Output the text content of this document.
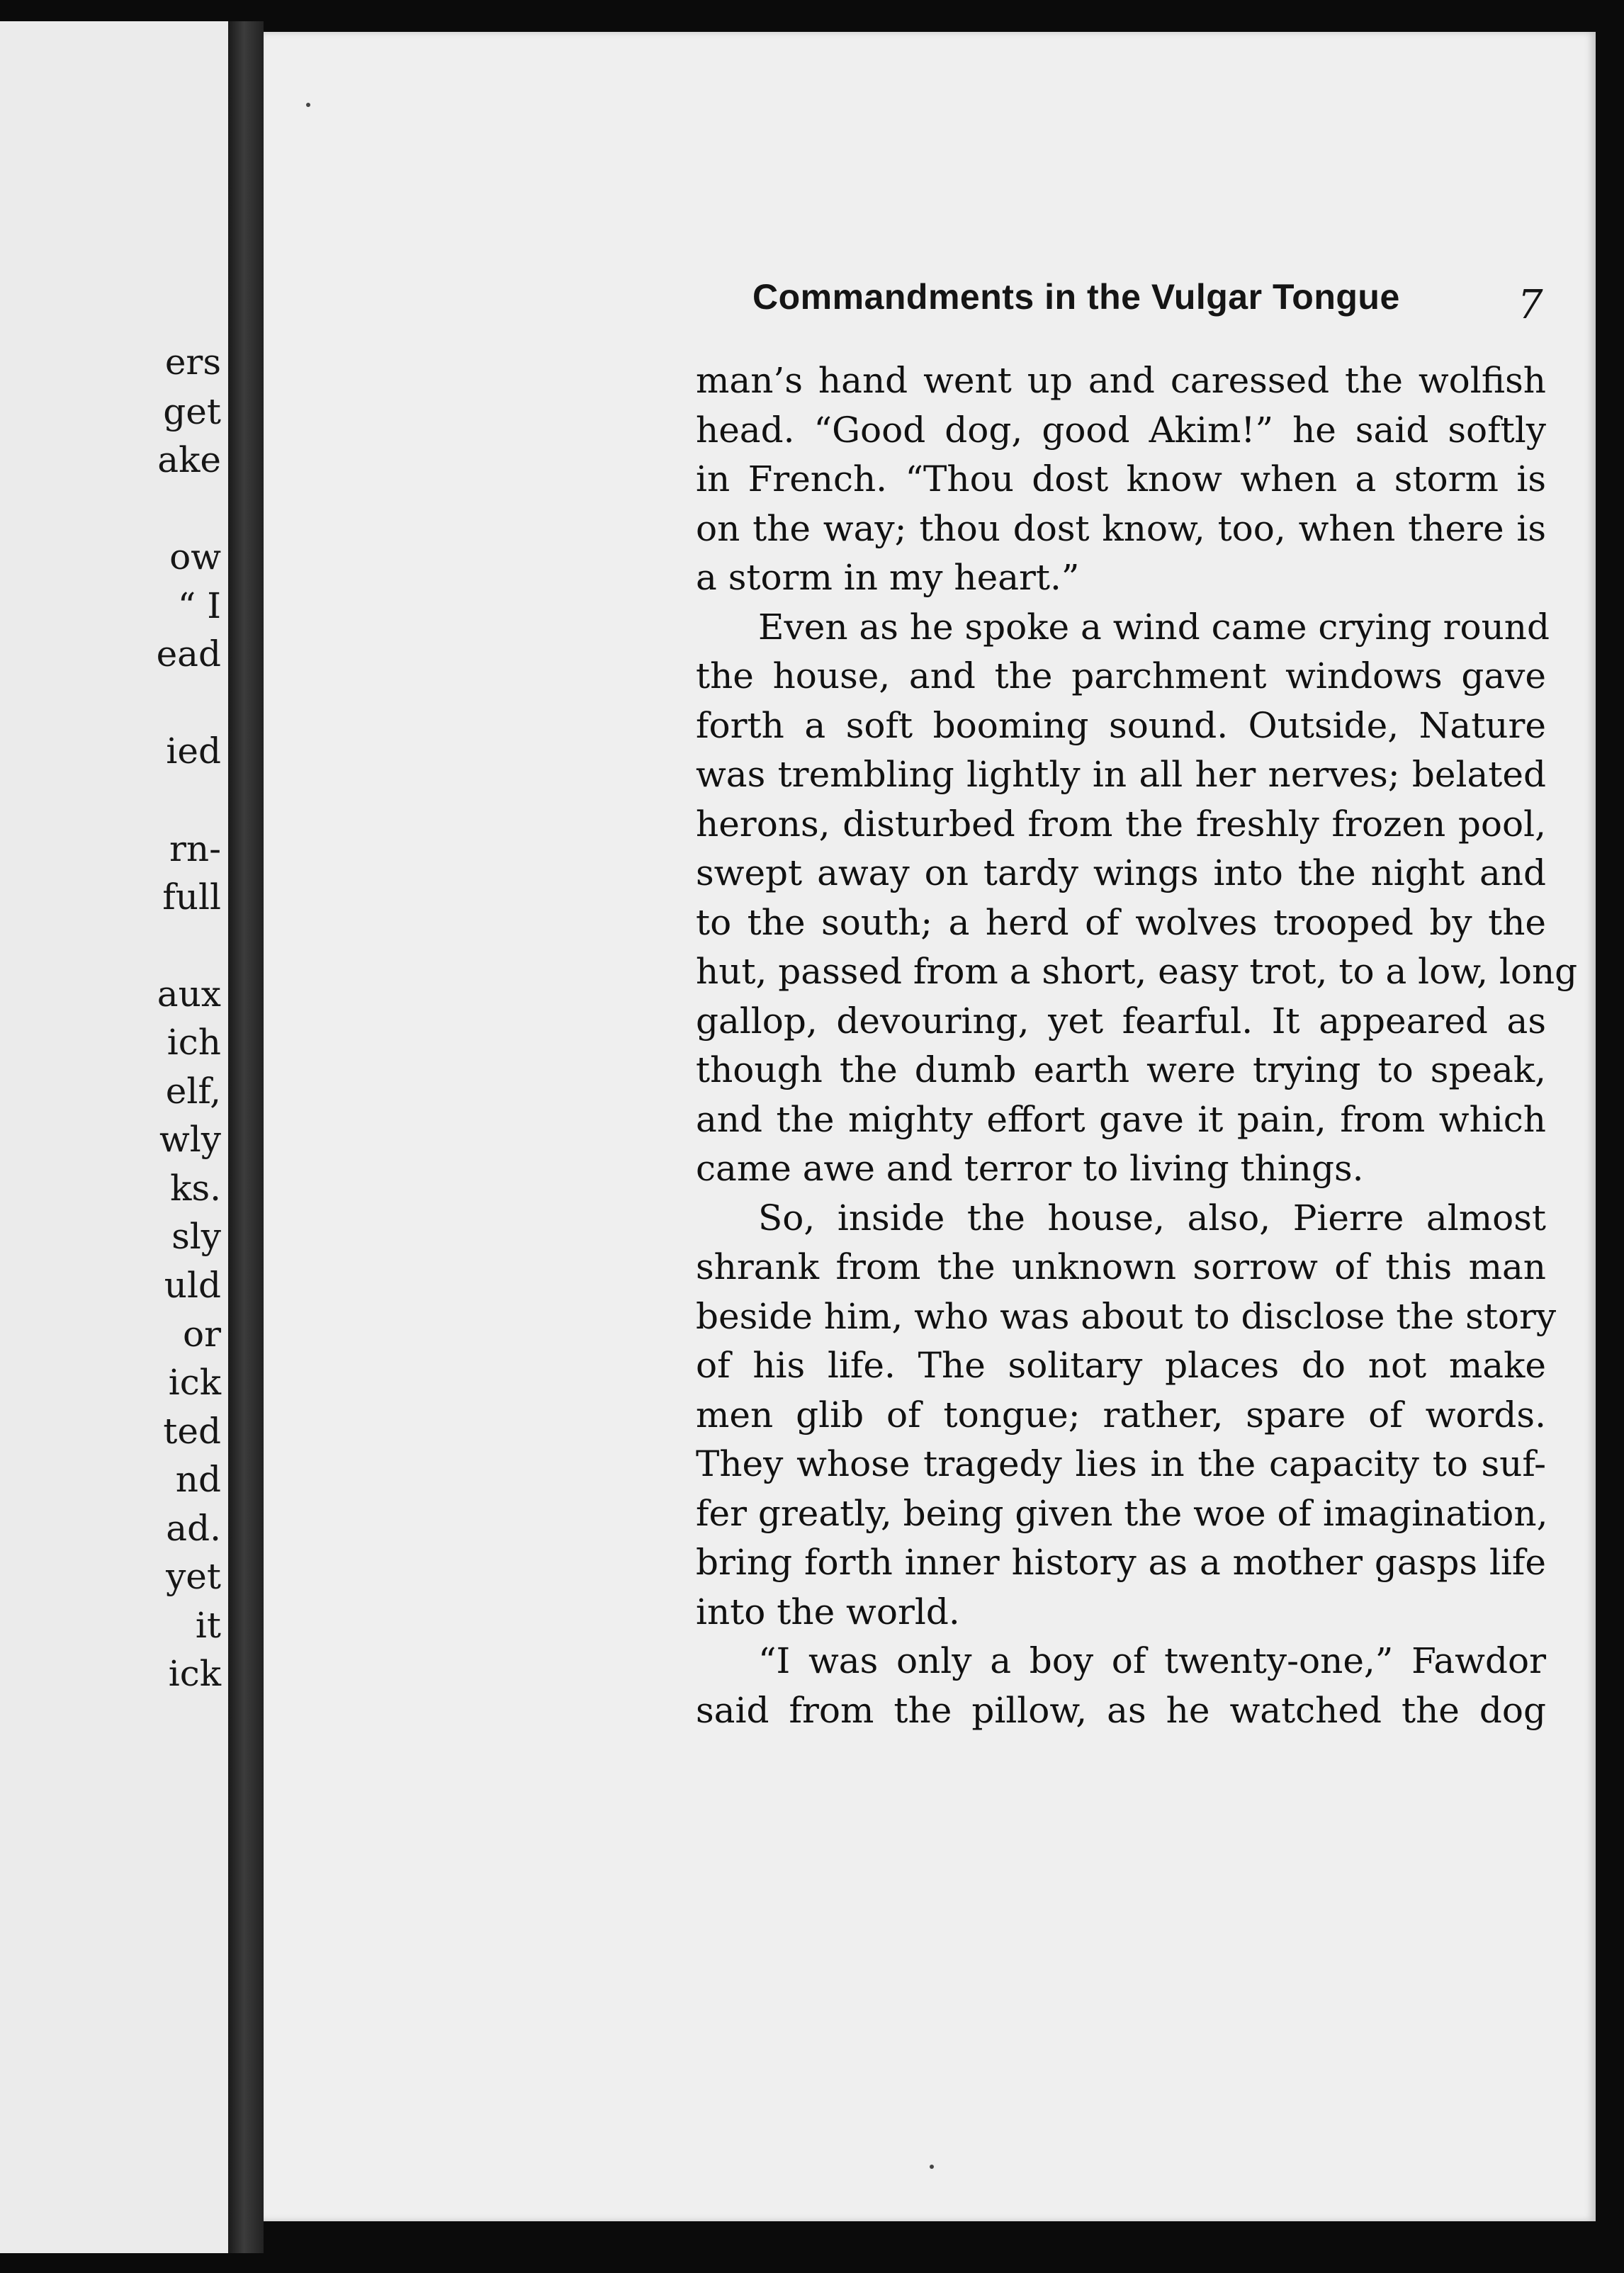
ers
get
ake
ow
“ I
ead
ied
rn-
full
aux
ich
elf,
wly
ks.
sly
uld
or
ick
ted
nd
ad.
yet
it
ick
Commandments in the Vulgar Tongue	7
man’s hand went up and caressed the wolfish
head. “Good dog, good Akim!” he said softly
in French. “Thou dost know when a storm is
on the way; thou dost know, too, when there is
a storm in my heart.”
Even as he spoke a wind came crying round
the house, and the parchment windows gave
forth a soft booming sound. Outside, Nature
was trembling lightly in all her nerves; belated
herons, disturbed from the freshly frozen pool,
swept away on tardy wings into the night and
to the south; a herd of wolves trooped by the
hut, passed from a short, easy trot, to a low, long
gallop, devouring, yet fearful. It appeared as
though the dumb earth were trying to speak,
and the mighty effort gave it pain, from which
came awe and terror to living things.
So, inside the house, also, Pierre almost
shrank from the unknown sorrow of this man
beside him, who was about to disclose the story
of his life. The solitary places do not make
men glib of tongue; rather, spare of words.
They whose tragedy lies in the capacity to suf-
fer greatly, being given the woe of imagination,
bring forth inner history as a mother gasps life
into the world.
“I was only a boy of twenty-one,” Fawdor
said from the pillow, as he watched the dog
